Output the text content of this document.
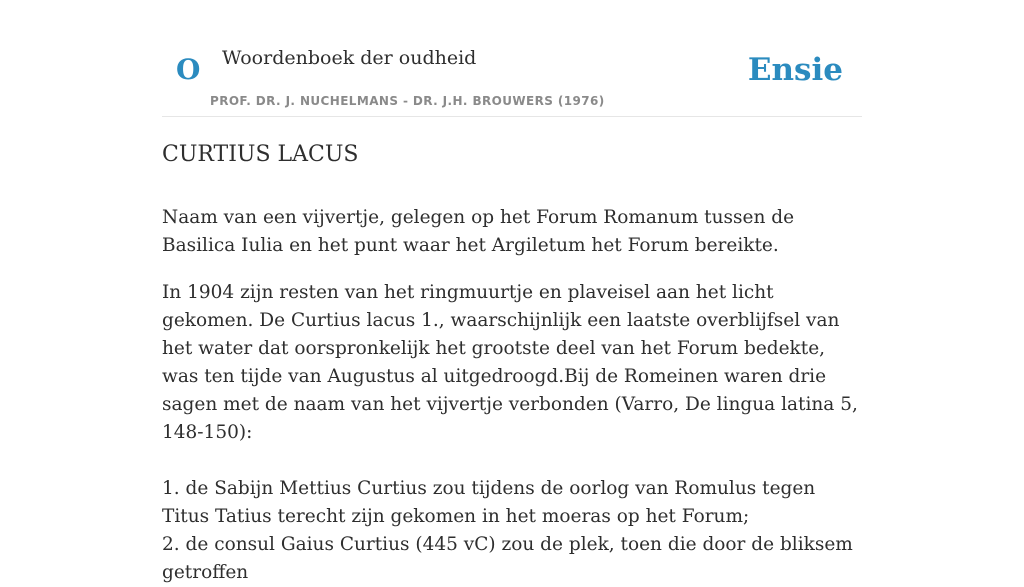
O Woordenboek der oudheid
PROF. DR. J. NUCHELMANS - DR. J.H. BROUWERS (1976)
Ensie
CURTIUS LACUS

Naam van een vijvertje, gelegen op het Forum Romanum tussen de Basilica Iulia en het punt waar het Argiletum het Forum bereikte.

In 1904 zijn resten van het ringmuurtje en plaveisel aan het licht gekomen. De Curtius lacus 1., waarschijnlijk een laatste overblijfsel van het water dat oorspronkelijk het grootste deel van het Forum bedekte, was ten tijde van Augustus al uitgedroogd.Bij de Romeinen waren drie sagen met de naam van het vijvertje verbonden (Varro, De lingua latina 5, 148-150):

1. de Sabijn Mettius Curtius zou tijdens de oorlog van Romulus tegen Titus Tatius terecht zijn gekomen in het moeras op het Forum;
2. de consul Gaius Curtius (445 vC) zou de plek, toen die door de bliksem getroffen
